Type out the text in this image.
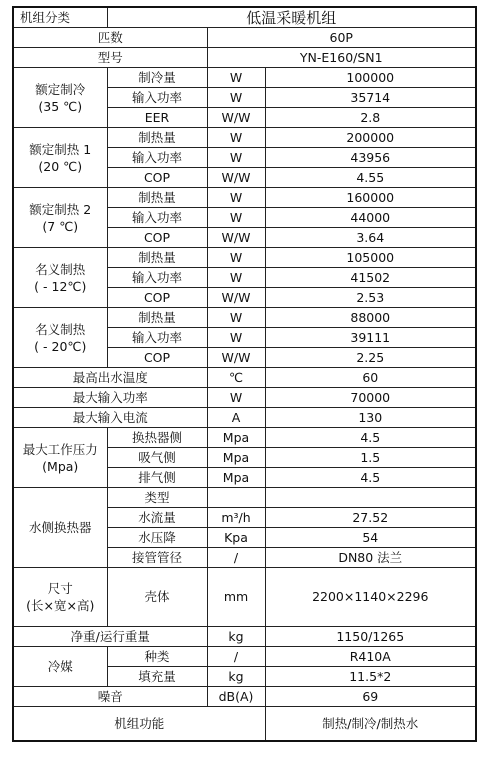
机组分类	低温采暖机组		
匹数		60P	
型号		YN-E160/SN1	
额定制冷
(35 ℃)	制冷量	W	100000
	输入功率	W	35714
	EER	W/W	2.8
额定制热 1
(20 ℃)	制热量	W	200000
	输入功率	W	43956
	COP	W/W	4.55
额定制热 2
(7 ℃)	制热量	W	160000
	输入功率	W	44000
	COP	W/W	3.64
名义制热
( - 12℃)	制热量	W	105000
	输入功率	W	41502
	COP	W/W	2.53
名义制热
( - 20℃)	制热量	W	88000
	输入功率	W	39111
	COP	W/W	2.25
最高出水温度		℃	60
最大输入功率		W	70000
最大输入电流		A	130
最大工作压力
(Mpa)	换热器侧	Mpa	4.5
	吸气侧	Mpa	1.5
	排气侧	Mpa	4.5
水侧换热器	类型		
	水流量	m³/h	27.52
	水压降	Kpa	54
	接管管径	/	DN80 法兰
尺寸
(长×宽×高)	壳体	mm	2200×1140×2296
净重/运行重量		kg	1150/1265
冷媒	种类	/	R410A
	填充量	kg	11.5*2
噪音		dB(A)	69
机组功能			制热/制冷/制热水
